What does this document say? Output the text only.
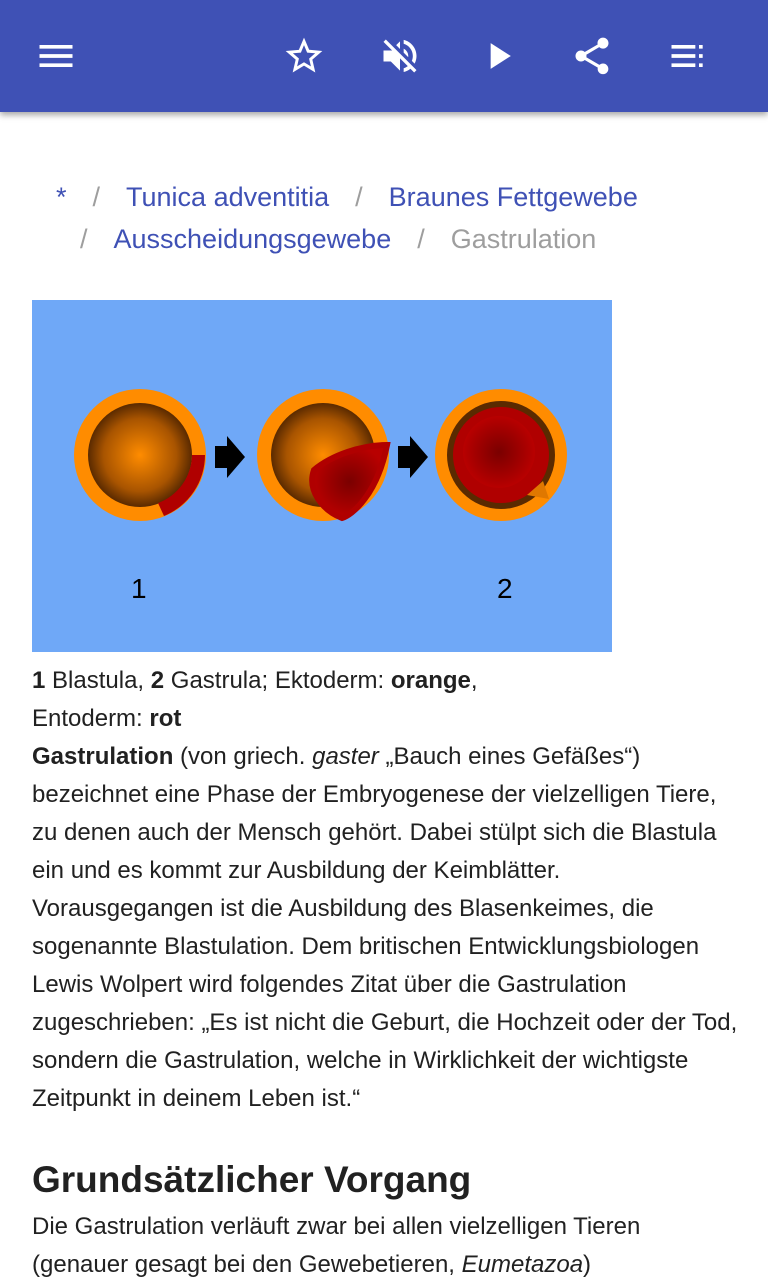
* / Tunica adventitia / Braunes Fettgewebe
/ Ausscheidungsgewebe / Gastrulation
1	2
1 Blastula, 2 Gastrula; Ektoderm: orange,
Entoderm: rot

Gastrulation (von griech. gaster „Bauch eines Gefäßes“) bezeichnet eine Phase der Embryogenese der vielzelligen Tiere, zu denen auch der Mensch gehört. Dabei stülpt sich die Blastula ein und es kommt zur Ausbildung der Keimblätter. Vorausgegangen ist die Ausbildung des Blasenkeimes, die sogenannte Blastulation. Dem britischen Entwicklungsbiologen Lewis Wolpert wird folgendes Zitat über die Gastrulation zugeschrieben: „Es ist nicht die Geburt, die Hochzeit oder der Tod, sondern die Gastrulation, welche in Wirklichkeit der wichtigste Zeitpunkt in deinem Leben ist.“

Grundsätzlicher Vorgang

Die Gastrulation verläuft zwar bei allen vielzelligen Tieren (genauer gesagt bei den Gewebetieren, Eumetazoa)
